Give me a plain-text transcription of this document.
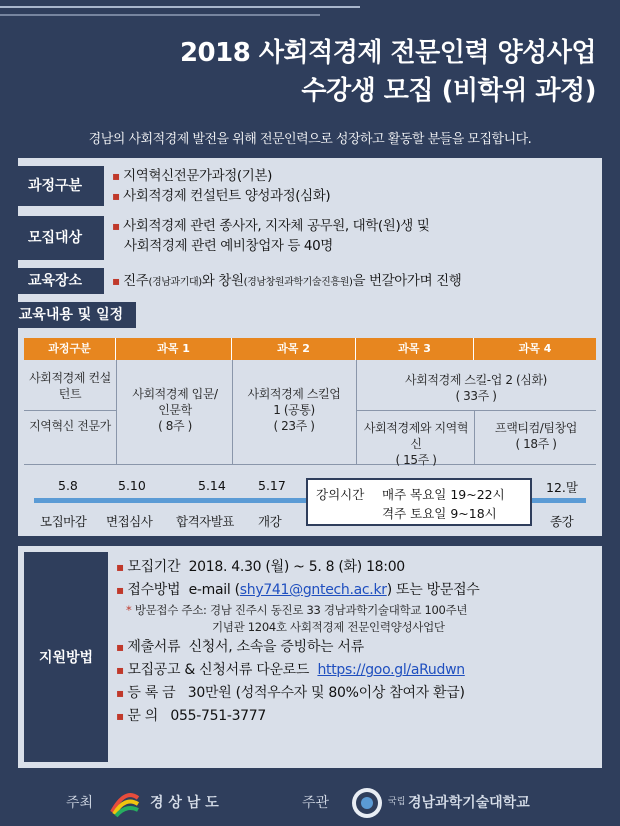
2018 사회적경제 전문인력 양성사업
수강생 모집 (비학위 과정)
경남의 사회적경제 발전을 위해 전문인력으로 성장하고 활동할 분들을 모집합니다.
과정구분
▪ 지역혁신전문가과정(기본)
▪ 사회적경제 컨설턴트 양성과정(심화)
모집대상
▪ 사회적경제 관련 종사자, 지자체 공무원, 대학(원)생 및
사회적경제 관련 예비창업자 등 40명
교육장소
▪	진주(경남과기대)와 창원(경남창원과학기술진흥원)을 번갈아가며 진행
교육내용 및 일정
과정구분	과목 1	과목 2	과목 3	과목 4
사회적경제 컨설턴트
지역혁신 전문가
사회적경제 입문/인문학
( 8주 )
사회적경제 스킬업 1 (공통)
( 23주 )
사회적경제 스킬-업 2 (심화)
( 33주 )
사회적경제와 지역혁신
( 15주 )
프랙티컴/팀창업
( 18주 )
5.8	5.10	5.14	5.17	12.말
모집마감 면접심사 합격자발표 개강	종강
강의시간 매주 목요일 19~22시
격주 토요일 9~18시
지원방법
▪ 모집기간 2018. 4.30 (월) ~ 5. 8 (화) 18:00
▪ 접수방법 e-mail (shy741@gntech.ac.kr) 또는 방문접수
* 방문접수 주소: 경남 진주시 동진로 33 경남과학기술대학교 100주년
기념관 1204호 사회적경제 전문인력양성사업단
▪ 제출서류 신청서, 소속을 증빙하는 서류
▪ 모집공고 & 신청서류 다운로드 https://goo.gl/aRudwn
▪ 등 록 금 30만원 (성적우수자 및 80%이상 참여자 환급)
▪ 문 의 055-751-3777
주최	경 상 남 도	주관	국립 경남과학기술대학교
